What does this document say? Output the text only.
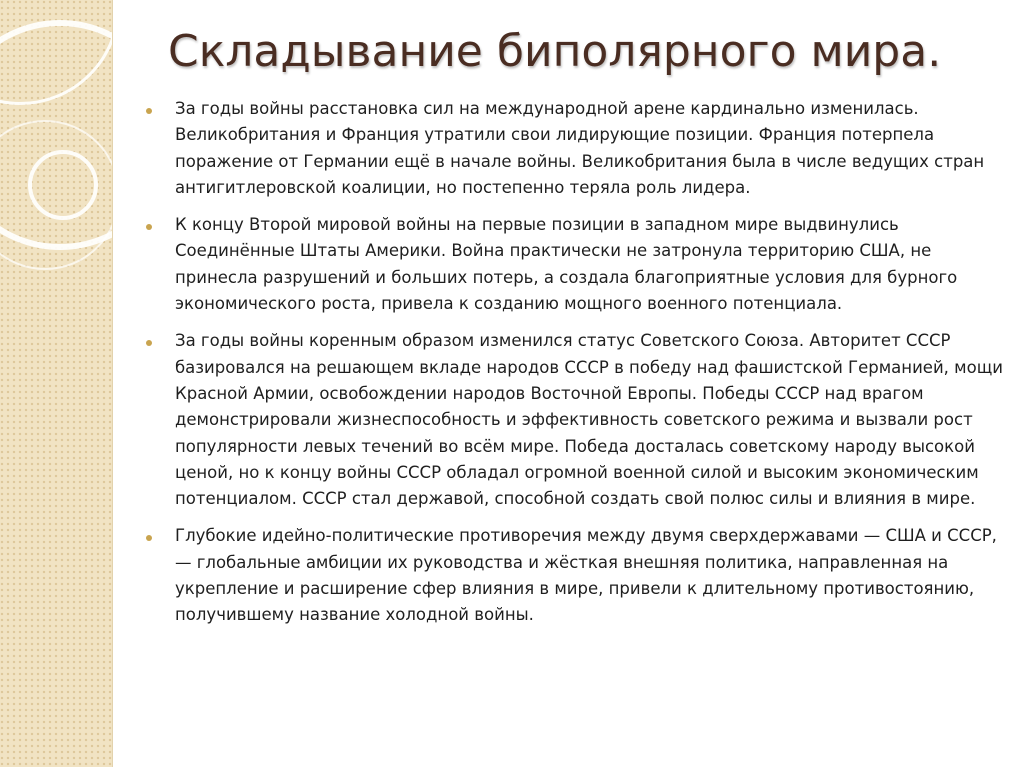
Складывание биполярного мира.
За годы войны расстановка сил на международной арене кардинально изменилась. Великобритания и Франция утратили свои лидирующие позиции. Франция потерпела поражение от Германии ещё в начале войны. Великобритания была в числе ведущих стран антигитлеровской коалиции, но постепенно теряла роль лидера.
К концу Второй мировой войны на первые позиции в западном мире выдвинулись Соединённые Штаты Америки. Война практически не затронула территорию США, не принесла разрушений и больших потерь, а создала благоприятные условия для бурного экономического роста, привела к созданию мощного военного потенциала.
За годы войны коренным образом изменился статус Советского Союза. Авторитет СССР базировался на решающем вкладе народов СССР в победу над фашистской Германией, мощи Красной Армии, освобождении народов Восточной Европы. Победы СССР над врагом демонстрировали жизнеспособность и эффективность советского режима и вызвали рост популярности левых течений во всём мире. Победа досталась советскому народу высокой ценой, но к концу войны СССР обладал огромной военной силой и высоким экономическим потенциалом. СССР стал державой, способной создать свой полюс силы и влияния в мире.
Глубокие идейно-политические противоречия между двумя сверхдержавами — США и СССР, — глобальные амбиции их руководства и жёсткая внешняя политика, направленная на укрепление и расширение сфер влияния в мире, привели к длительному противостоянию, получившему название холодной войны.
